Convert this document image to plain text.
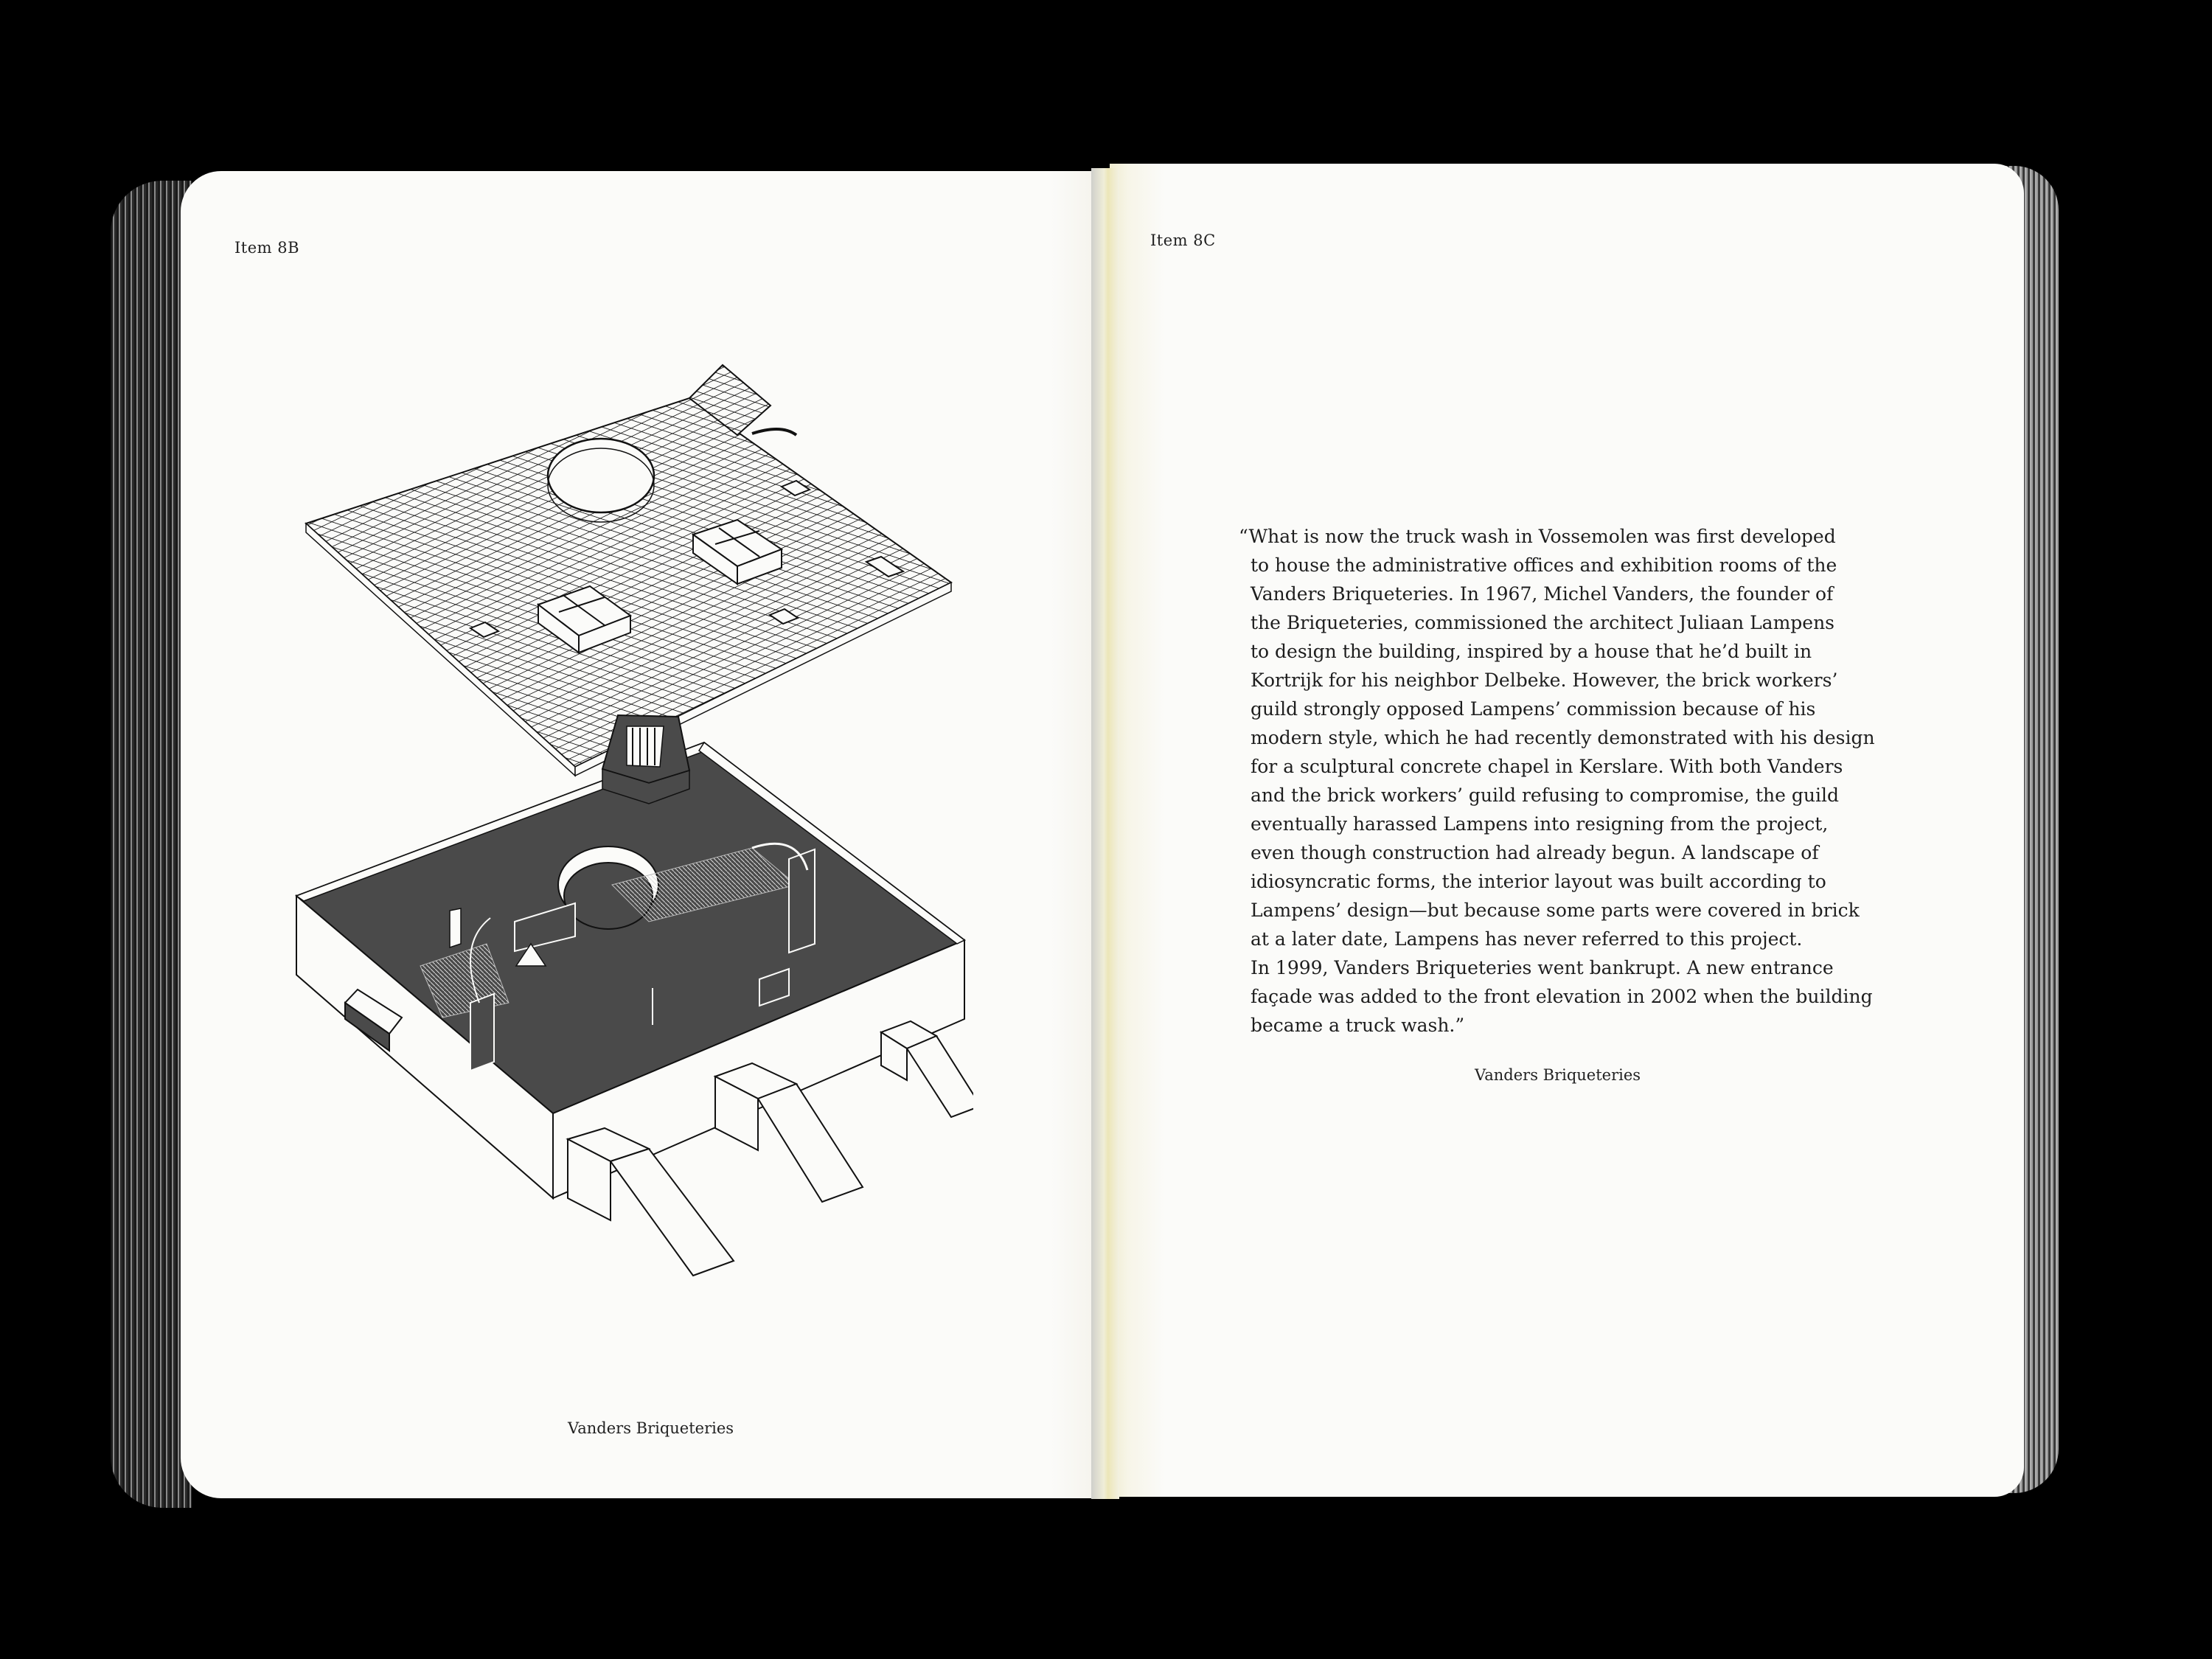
Item 8B
Vanders Briqueteries
Item 8C
“What is now the truck wash in Vossemolen was first developed
to house the administrative offices and exhibition rooms of the
Vanders Briqueteries. In 1967, Michel Vanders, the founder of
the Briqueteries, commissioned the architect Juliaan Lampens
to design the building, inspired by a house that he’d built in
Kortrijk for his neighbor Delbeke. However, the brick workers’
guild strongly opposed Lampens’ commission because of his
modern style, which he had recently demonstrated with his design
for a sculptural concrete chapel in Kerslare. With both Vanders
and the brick workers’ guild refusing to compromise, the guild
eventually harassed Lampens into resigning from the project,
even though construction had already begun. A landscape of
idiosyncratic forms, the interior layout was built according to
Lampens’ design—but because some parts were covered in brick
at a later date, Lampens has never referred to this project.
In 1999, Vanders Briqueteries went bankrupt. A new entrance
façade was added to the front elevation in 2002 when the building
became a truck wash.”
Vanders Briqueteries
